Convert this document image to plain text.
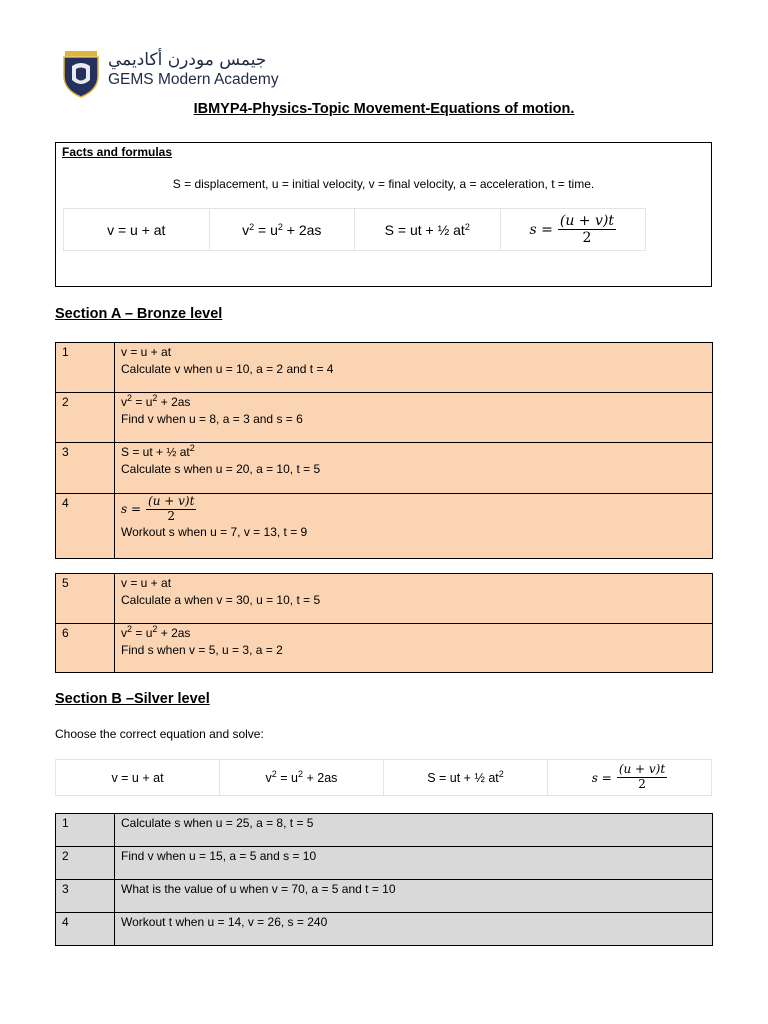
جيمس مودرن أكاديمي
GEMS Modern Academy
IBMYP4-Physics-Topic Movement-Equations of motion.
Facts and formulas
S = displacement, u = initial velocity, v = final velocity, a = acceleration, t = time.
v = u + at	$v^2 = u^2 + 2as$	S = ut + ½ $at^2$	$s = \frac{(u + v)t}{2}$
Section A – Bronze level
1	v = u + at
Calculate v when u = 10, a = 2 and t = 4

2	$v^2 = u^2 + 2as$
Find v when u = 8, a = 3 and s = 6

3	S = ut + ½ $at^2$
Calculate s when u = 20, a = 10, t = 5

4	$s = \frac{(u + v)t}{2}$
Workout s when u = 7, v = 13, t = 9
5	v = u + at
Calculate a when v = 30, u = 10, t = 5

6	$v^2 = u^2 + 2as$
Find s when v = 5, u = 3, a = 2
Section B –Silver level
Choose the correct equation and solve:
v = u + at	$v^2 = u^2 + 2as$	S = ut + ½ $at^2$	$s = \frac{(u + v)t}{2}$
1	Calculate s when u = 25, a = 8, t = 5
2	Find v when u = 15, a = 5 and s = 10
3	What is the value of u when v = 70, a = 5 and t = 10
4	Workout t when u = 14, v = 26, s = 240
